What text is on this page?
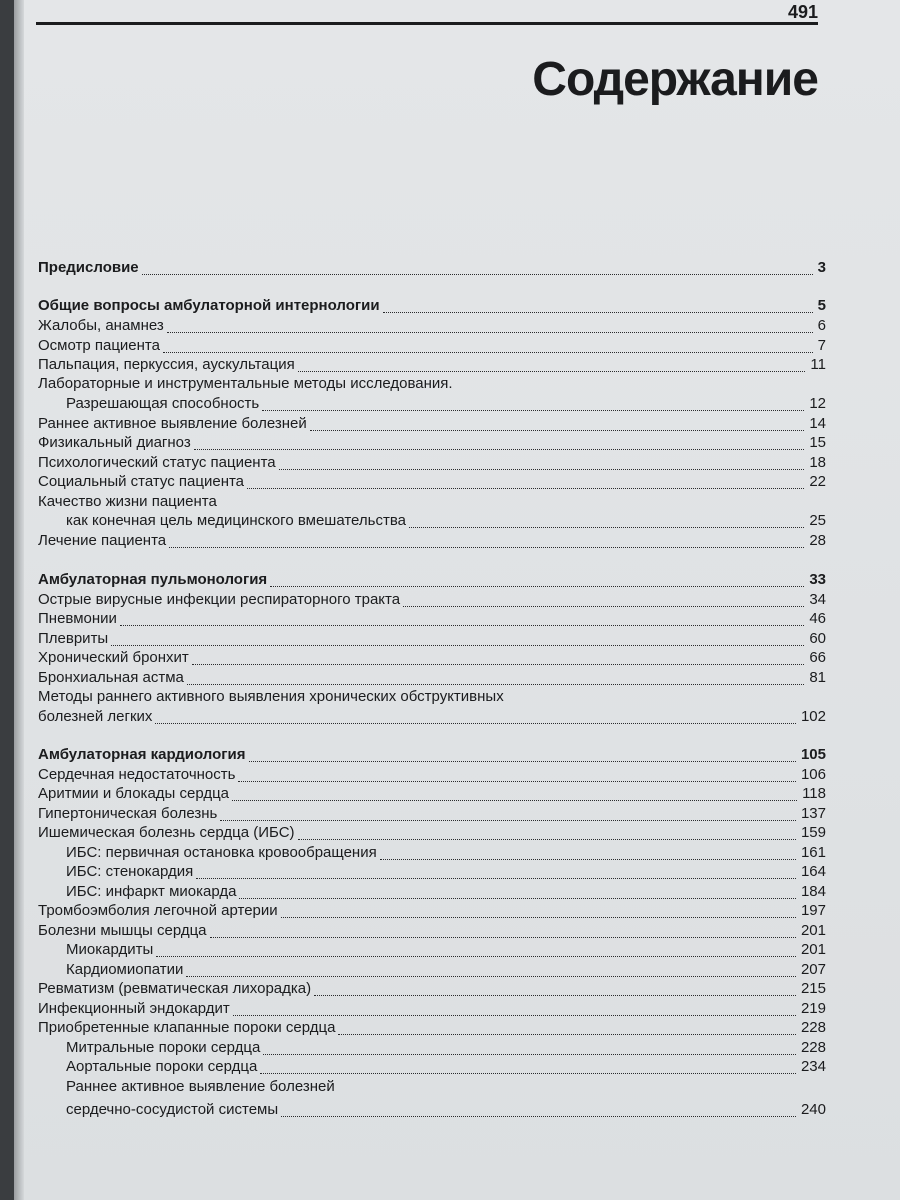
491
Содержание
Предисловие	3
Общие вопросы амбулаторной интернологии	5
Жалобы, анамнез	6
Осмотр пациента	7
Пальпация, перкуссия, аускультация	11
Лабораторные и инструментальные методы исследования.
Разрешающая способность	12
Раннее активное выявление болезней	14
Физикальный диагноз	15
Психологический статус пациента	18
Социальный статус пациента	22
Качество жизни пациента
как конечная цель медицинского вмешательства	25
Лечение пациента	28
Амбулаторная пульмонология	33
Острые вирусные инфекции респираторного тракта	34
Пневмонии	46
Плевриты	60
Хронический бронхит	66
Бронхиальная астма	81
Методы раннего активного выявления хронических обструктивных
болезней легких	102
Амбулаторная кардиология	105
Сердечная недостаточность	106
Аритмии и блокады сердца	118
Гипертоническая болезнь	137
Ишемическая болезнь сердца (ИБС)	159
ИБС: первичная остановка кровообращения	161
ИБС: стенокардия	164
ИБС: инфаркт миокарда	184
Тромбоэмболия легочной артерии	197
Болезни мышцы сердца	201
Миокардиты	201
Кардиомиопатии	207
Ревматизм (ревматическая лихорадка)	215
Инфекционный эндокардит	219
Приобретенные клапанные пороки сердца	228
Митральные пороки сердца	228
Аортальные пороки сердца	234
Раннее активное выявление болезней
сердечно-сосудистой системы	240
